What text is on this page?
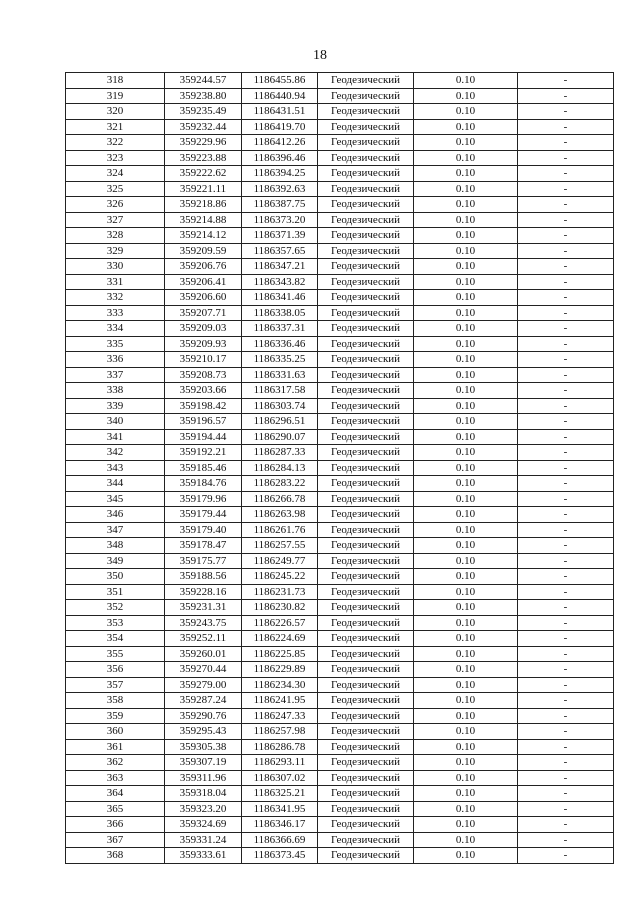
18
318	359244.57	1186455.86	Геодезический	0.10	-
319	359238.80	1186440.94	Геодезический	0.10	-
320	359235.49	1186431.51	Геодезический	0.10	-
321	359232.44	1186419.70	Геодезический	0.10	-
322	359229.96	1186412.26	Геодезический	0.10	-
323	359223.88	1186396.46	Геодезический	0.10	-
324	359222.62	1186394.25	Геодезический	0.10	-
325	359221.11	1186392.63	Геодезический	0.10	-
326	359218.86	1186387.75	Геодезический	0.10	-
327	359214.88	1186373.20	Геодезический	0.10	-
328	359214.12	1186371.39	Геодезический	0.10	-
329	359209.59	1186357.65	Геодезический	0.10	-
330	359206.76	1186347.21	Геодезический	0.10	-
331	359206.41	1186343.82	Геодезический	0.10	-
332	359206.60	1186341.46	Геодезический	0.10	-
333	359207.71	1186338.05	Геодезический	0.10	-
334	359209.03	1186337.31	Геодезический	0.10	-
335	359209.93	1186336.46	Геодезический	0.10	-
336	359210.17	1186335.25	Геодезический	0.10	-
337	359208.73	1186331.63	Геодезический	0.10	-
338	359203.66	1186317.58	Геодезический	0.10	-
339	359198.42	1186303.74	Геодезический	0.10	-
340	359196.57	1186296.51	Геодезический	0.10	-
341	359194.44	1186290.07	Геодезический	0.10	-
342	359192.21	1186287.33	Геодезический	0.10	-
343	359185.46	1186284.13	Геодезический	0.10	-
344	359184.76	1186283.22	Геодезический	0.10	-
345	359179.96	1186266.78	Геодезический	0.10	-
346	359179.44	1186263.98	Геодезический	0.10	-
347	359179.40	1186261.76	Геодезический	0.10	-
348	359178.47	1186257.55	Геодезический	0.10	-
349	359175.77	1186249.77	Геодезический	0.10	-
350	359188.56	1186245.22	Геодезический	0.10	-
351	359228.16	1186231.73	Геодезический	0.10	-
352	359231.31	1186230.82	Геодезический	0.10	-
353	359243.75	1186226.57	Геодезический	0.10	-
354	359252.11	1186224.69	Геодезический	0.10	-
355	359260.01	1186225.85	Геодезический	0.10	-
356	359270.44	1186229.89	Геодезический	0.10	-
357	359279.00	1186234.30	Геодезический	0.10	-
358	359287.24	1186241.95	Геодезический	0.10	-
359	359290.76	1186247.33	Геодезический	0.10	-
360	359295.43	1186257.98	Геодезический	0.10	-
361	359305.38	1186286.78	Геодезический	0.10	-
362	359307.19	1186293.11	Геодезический	0.10	-
363	359311.96	1186307.02	Геодезический	0.10	-
364	359318.04	1186325.21	Геодезический	0.10	-
365	359323.20	1186341.95	Геодезический	0.10	-
366	359324.69	1186346.17	Геодезический	0.10	-
367	359331.24	1186366.69	Геодезический	0.10	-
368	359333.61	1186373.45	Геодезический	0.10	-
